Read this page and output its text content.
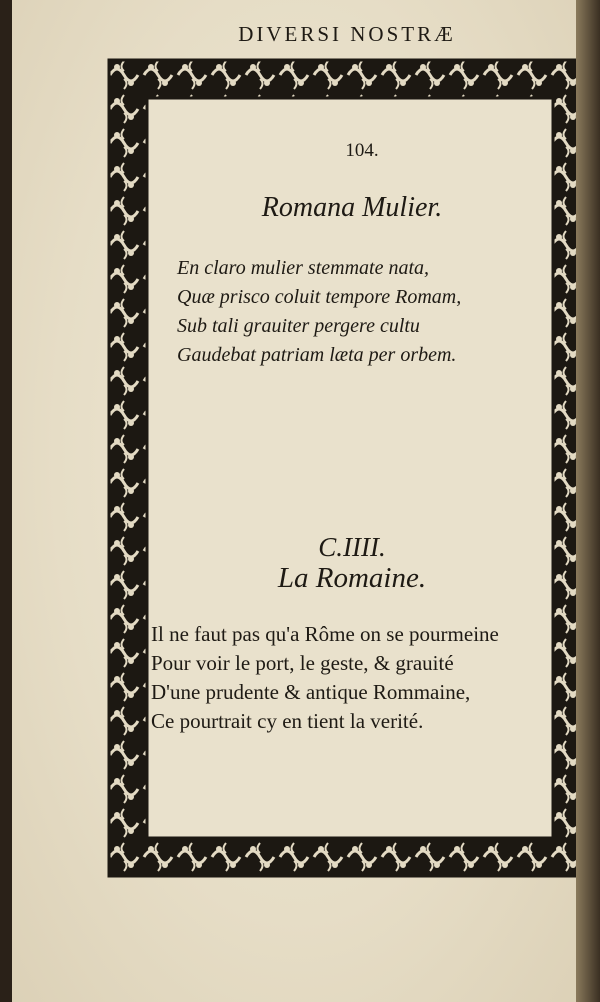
DIVERSI NOSTRÆ
104.
Romana Mulier.
En claro mulier stemmate nata,
Quæ prisco coluit tempore Romam,
Sub tali grauiter pergere cultu
Gaudebat patriam læta per orbem.
C.IIII.
La Romaine.
Il ne faut pas qu'a Rôme on se pourmeine
Pour voir le port, le geste, & grauité
D'une prudente & antique Rommaine,
Ce pourtrait cy en tient la verité.
